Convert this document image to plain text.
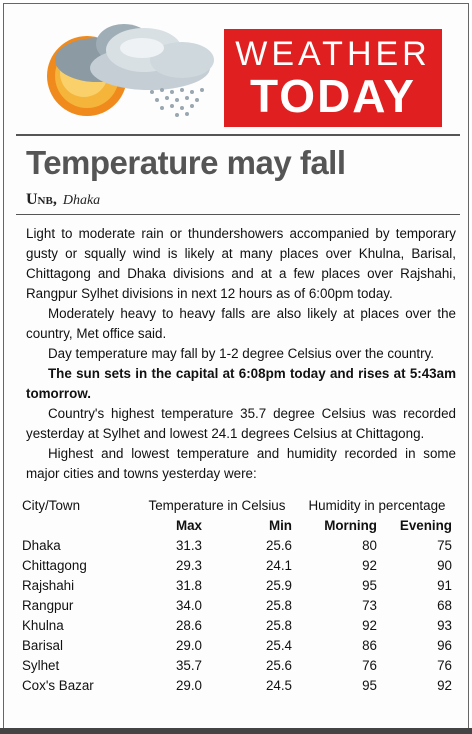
WEATHER
TODAY
Temperature may fall
Unb, Dhaka

Light to moderate rain or thundershowers accompanied by temporary gusty or squally wind is likely at many places over Khulna, Barisal, Chittagong and Dhaka divisions and at a few places over Rajshahi, Rangpur Sylhet divisions in next 12 hours as of 6:00pm today.

Moderately heavy to heavy falls are also likely at places over the country, Met office said.

Day temperature may fall by 1-2 degree Celsius over the country.

The sun sets in the capital at 6:08pm today and rises at 5:43am tomorrow.

Country's highest temperature 35.7 degree Celsius was recorded yesterday at Sylhet and lowest 24.1 degrees Celsius at Chittagong.

Highest and lowest temperature and humidity recorded in some major cities and towns yesterday were:

City/Town	Temperature in Celsius		Humidity in percentage	
	Max	Min	Morning	Evening
Dhaka	31.3	25.6	80	75
Chittagong	29.3	24.1	92	90
Rajshahi	31.8	25.9	95	91
Rangpur	34.0	25.8	73	68
Khulna	28.6	25.8	92	93
Barisal	29.0	25.4	86	96
Sylhet	35.7	25.6	76	76
Cox's Bazar	29.0	24.5	95	92
